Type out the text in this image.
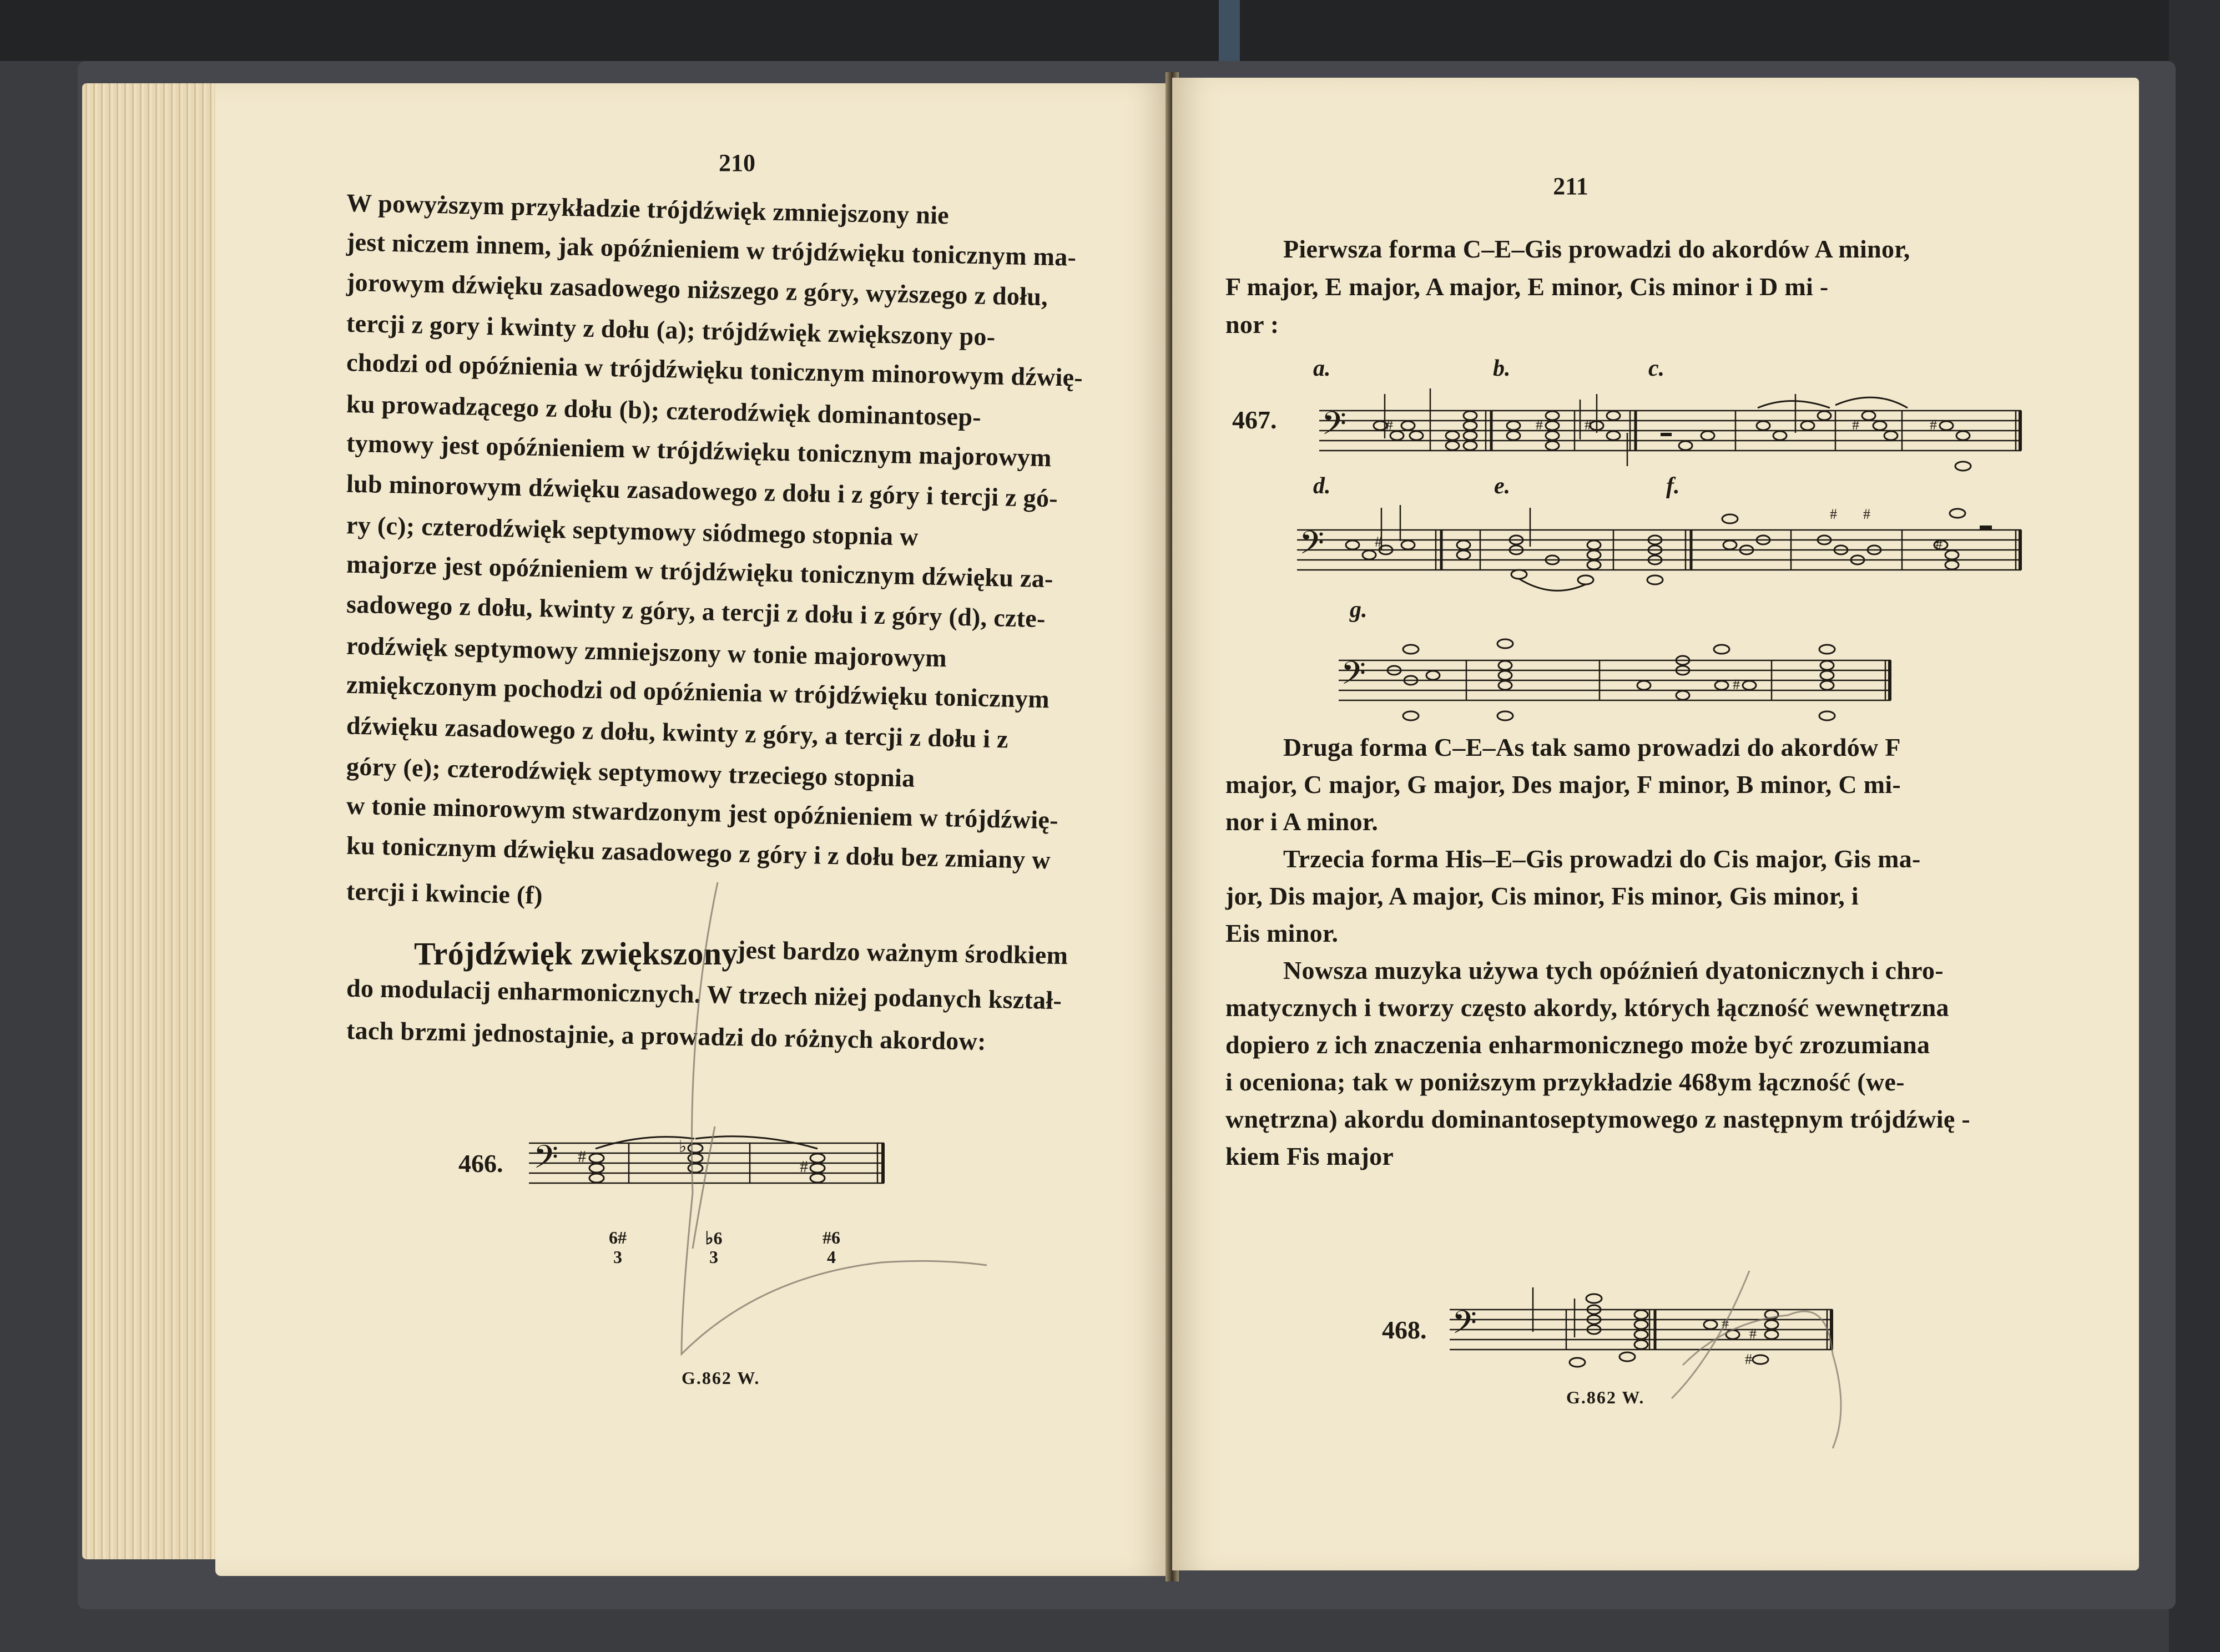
210
W powyższym przykładzie trójdźwięk zmniejszony nie
jest niczem innem, jak opóźnieniem w trójdźwięku tonicznym ma-
jorowym dźwięku zasadowego niższego z góry, wyższego z dołu,
tercji z gory i kwinty z dołu (a); trójdźwięk zwiększony po-
chodzi od opóźnienia w trójdźwięku tonicznym minorowym dźwię-
ku prowadzącego z dołu (b); czterodźwięk dominantosep-
tymowy jest opóźnieniem w trójdźwięku tonicznym majorowym
lub minorowym dźwięku zasadowego z dołu i z góry i tercji z gó-
ry (c); czterodźwięk septymowy siódmego stopnia w
majorze jest opóźnieniem w trójdźwięku tonicznym dźwięku za-
sadowego z dołu, kwinty z góry, a tercji z dołu i z góry (d), czte-
rodźwięk septymowy zmniejszony w tonie majorowym
zmiękczonym pochodzi od opóźnienia w trójdźwięku tonicznym
dźwięku zasadowego z dołu, kwinty z góry, a tercji z dołu i z
góry (e); czterodźwięk septymowy trzeciego stopnia
w tonie minorowym stwardzonym jest opóźnieniem w trójdźwię-
ku tonicznym dźwięku zasadowego z góry i z dołu bez zmiany w
tercji i kwincie (f)
Trójdźwięk zwiększony
jest bardzo ważnym środkiem
do modulacij enharmonicznych. W trzech niżej podanych kształ-
tach brzmi jednostajnie, a prowadzi do różnych akordow:
466. 𝄢 #
♭
#
6#
3
♭6
3
#6
4
G.862 W.
211
Pierwsza forma C–E–Gis prowadzi do akordów A minor,
F major, E major, A major, E minor, Cis minor i D mi -
nor :
467.
a.	b.	c.
d.	e.	f.
g.
𝄢	#	#	#	#	#
𝄢	#
# #
#
𝄢	#
Druga forma C–E–As tak samo prowadzi do akordów F
major, C major, G major, Des major, F minor, B minor, C mi-
nor i A minor.
Trzecia forma His–E–Gis prowadzi do Cis major, Gis ma-
jor, Dis major, A major, Cis minor, Fis minor, Gis minor, i
Eis minor.
Nowsza muzyka używa tych opóźnień dyatonicznych i chro-
matycznych i tworzy często akordy, których łączność wewnętrzna
dopiero z ich znaczenia enharmonicznego może być zrozumiana
i oceniona; tak w poniższym przykładzie 468ym łączność (we-
wnętrzna) akordu dominantoseptymowego z następnym trójdźwię -
kiem Fis major
468. 𝄢	#
#
#
G.862 W.
